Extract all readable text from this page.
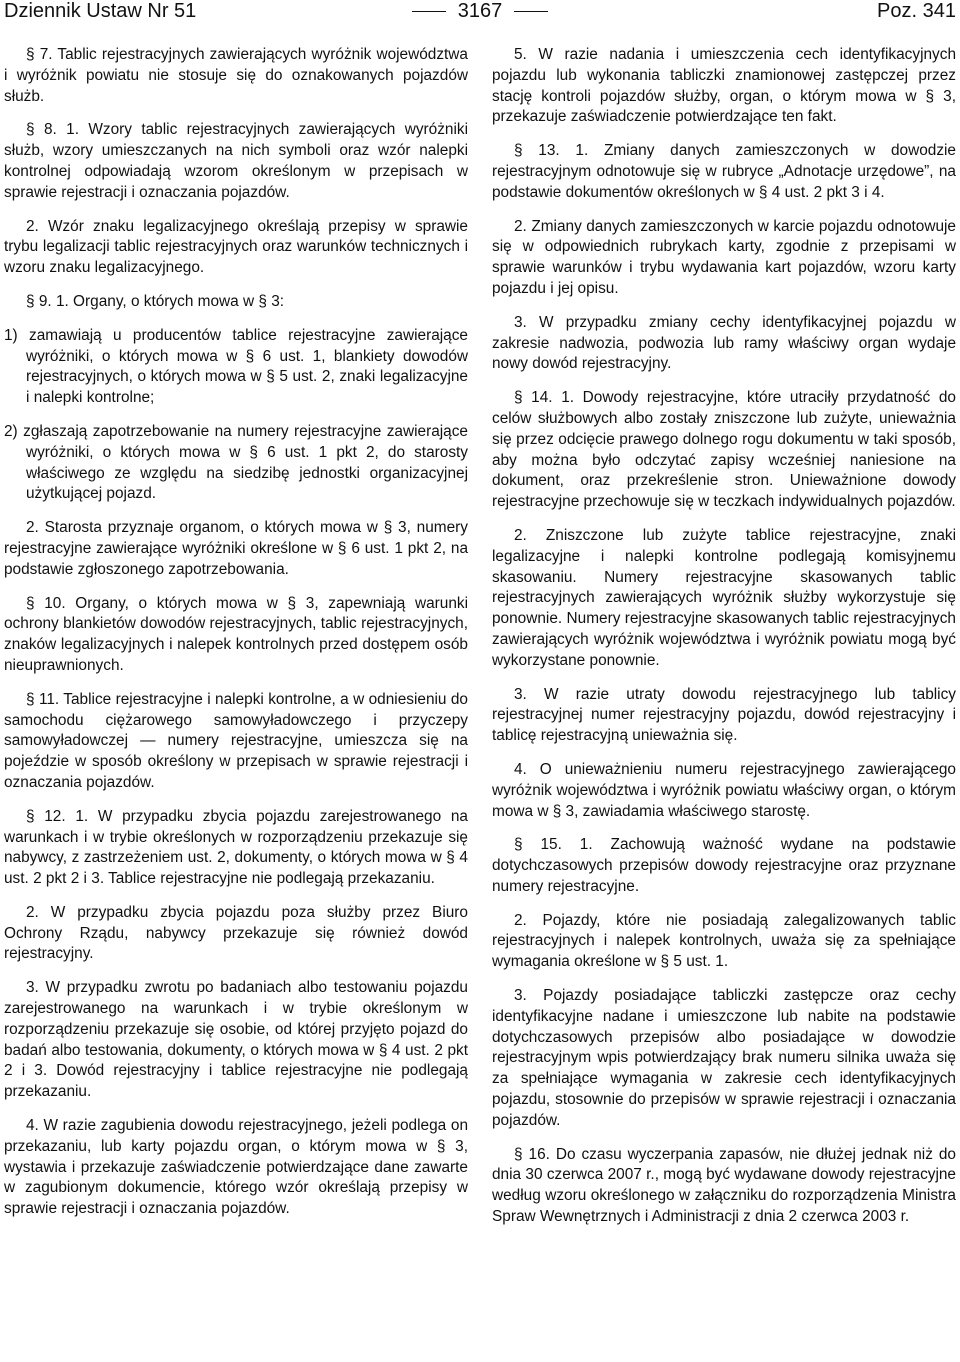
Dziennik Ustaw Nr 51	3167	Poz. 341

§ 7. Tablic rejestracyjnych zawierających wyróżnik województwa i wyróżnik powiatu nie stosuje się do oznakowanych pojazdów służb.

§ 8. 1. Wzory tablic rejestracyjnych zawierających wyróżniki służb, wzory umieszczanych na nich symboli oraz wzór nalepki kontrolnej odpowiadają wzorom określonym w przepisach w sprawie rejestracji i oznaczania pojazdów.

2. Wzór znaku legalizacyjnego określają przepisy w sprawie trybu legalizacji tablic rejestracyjnych oraz warunków technicznych i wzoru znaku legalizacyjnego.

§ 9. 1. Organy, o których mowa w § 3:

1) zamawiają u producentów tablice rejestracyjne zawierające wyróżniki, o których mowa w § 6 ust. 1, blankiety dowodów rejestracyjnych, o których mowa w § 5 ust. 2, znaki legalizacyjne i nalepki kontrolne;

2) zgłaszają zapotrzebowanie na numery rejestracyjne zawierające wyróżniki, o których mowa w § 6 ust. 1 pkt 2, do starosty właściwego ze względu na siedzibę jednostki organizacyjnej użytkującej pojazd.

2. Starosta przyznaje organom, o których mowa w § 3, numery rejestracyjne zawierające wyróżniki określone w § 6 ust. 1 pkt 2, na podstawie zgłoszonego zapotrzebowania.

§ 10. Organy, o których mowa w § 3, zapewniają warunki ochrony blankietów dowodów rejestracyjnych, tablic rejestracyjnych, znaków legalizacyjnych i nalepek kontrolnych przed dostępem osób nieuprawnionych.

§ 11. Tablice rejestracyjne i nalepki kontrolne, a w odniesieniu do samochodu ciężarowego samowyładowczego i przyczepy samowyładowczej — numery rejestracyjne, umieszcza się na pojeździe w sposób określony w przepisach w sprawie rejestracji i oznaczania pojazdów.

§ 12. 1. W przypadku zbycia pojazdu zarejestrowanego na warunkach i w trybie określonych w rozporządzeniu przekazuje się nabywcy, z zastrzeżeniem ust. 2, dokumenty, o których mowa w § 4 ust. 2 pkt 2 i 3. Tablice rejestracyjne nie podlegają przekazaniu.

2. W przypadku zbycia pojazdu poza służby przez Biuro Ochrony Rządu, nabywcy przekazuje się również dowód rejestracyjny.

3. W przypadku zwrotu po badaniach albo testowaniu pojazdu zarejestrowanego na warunkach i w trybie określonym w rozporządzeniu przekazuje się osobie, od której przyjęto pojazd do badań albo testowania, dokumenty, o których mowa w § 4 ust. 2 pkt 2 i 3. Dowód rejestracyjny i tablice rejestracyjne nie podlegają przekazaniu.

4. W razie zagubienia dowodu rejestracyjnego, jeżeli podlega on przekazaniu, lub karty pojazdu organ, o którym mowa w § 3, wystawia i przekazuje zaświadczenie potwierdzające dane zawarte w zagubionym dokumencie, którego wzór określają przepisy w sprawie rejestracji i oznaczania pojazdów.

5. W razie nadania i umieszczenia cech identyfikacyjnych pojazdu lub wykonania tabliczki znamionowej zastępczej przez stację kontroli pojazdów służby, organ, o którym mowa w § 3, przekazuje zaświadczenie potwierdzające ten fakt.

§ 13. 1. Zmiany danych zamieszczonych w dowodzie rejestracyjnym odnotowuje się w rubryce „Adnotacje urzędowe”, na podstawie dokumentów określonych w § 4 ust. 2 pkt 3 i 4.

2. Zmiany danych zamieszczonych w karcie pojazdu odnotowuje się w odpowiednich rubrykach karty, zgodnie z przepisami w sprawie warunków i trybu wydawania kart pojazdów, wzoru karty pojazdu i jej opisu.

3. W przypadku zmiany cechy identyfikacyjnej pojazdu w zakresie nadwozia, podwozia lub ramy właściwy organ wydaje nowy dowód rejestracyjny.

§ 14. 1. Dowody rejestracyjne, które utraciły przydatność do celów służbowych albo zostały zniszczone lub zużyte, unieważnia się przez odcięcie prawego dolnego rogu dokumentu w taki sposób, aby można było odczytać zapisy wcześniej naniesione na dokument, oraz przekreślenie stron. Unieważnione dowody rejestracyjne przechowuje się w teczkach indywidualnych pojazdów.

2. Zniszczone lub zużyte tablice rejestracyjne, znaki legalizacyjne i nalepki kontrolne podlegają komisyjnemu skasowaniu. Numery rejestracyjne skasowanych tablic rejestracyjnych zawierających wyróżnik służby wykorzystuje się ponownie. Numery rejestracyjne skasowanych tablic rejestracyjnych zawierających wyróżnik województwa i wyróżnik powiatu mogą być wykorzystane ponownie.

3. W razie utraty dowodu rejestracyjnego lub tablicy rejestracyjnej numer rejestracyjny pojazdu, dowód rejestracyjny i tablicę rejestracyjną unieważnia się.

4. O unieważnieniu numeru rejestracyjnego zawierającego wyróżnik województwa i wyróżnik powiatu właściwy organ, o którym mowa w § 3, zawiadamia właściwego starostę.

§ 15. 1. Zachowują ważność wydane na podstawie dotychczasowych przepisów dowody rejestracyjne oraz przyznane numery rejestracyjne.

2. Pojazdy, które nie posiadają zalegalizowanych tablic rejestracyjnych i nalepek kontrolnych, uważa się za spełniające wymagania określone w § 5 ust. 1.

3. Pojazdy posiadające tabliczki zastępcze oraz cechy identyfikacyjne nadane i umieszczone lub nabite na podstawie dotychczasowych przepisów albo posiadające w dowodzie rejestracyjnym wpis potwierdzający brak numeru silnika uważa się za spełniające wymagania w zakresie cech identyfikacyjnych pojazdu, stosownie do przepisów w sprawie rejestracji i oznaczania pojazdów.

§ 16. Do czasu wyczerpania zapasów, nie dłużej jednak niż do dnia 30 czerwca 2007 r., mogą być wydawane dowody rejestracyjne według wzoru określonego w załączniku do rozporządzenia Ministra Spraw Wewnętrznych i Administracji z dnia 2 czerwca 2003 r.
